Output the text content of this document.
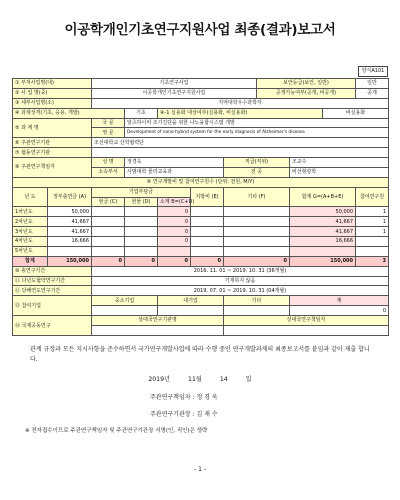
이공학개인기초연구지원사업 최종(결과)보고서
양식A101
① 부처사업명(대)		기초연구사업					보안등급(보안, 일반)			일반
② 사 업 명(중)		이공학개인기초연구지원사업					공개가능여부(공개, 비공개)			공개
③ 세부사업명(소)		지역대학우수과학자								
④ 과제성격(기초, 응용, 개발)			기초	④-1 실용화 대상여부(실용화, 비실용화)					비실용화	
⑤ 과 제 명		국 문	알츠하이머 조기진단을 위한 나노융합시스템 개발							
		영 문	Development of nano-hybrid system for the early diagnosis of Alzheimer's disease							
⑥ 주관연구기관		조선대학교 산학협력단								
⑦ 협동연구기관										
⑧ 주관연구책임자		성 명	정경욱			직급(직위)		조교수		
		소속부서	사범대학 물리교육과			전 공		비선형광학		
⑨ 연구개발비 및 참여연구원수 (단위: 천원, M/Y)										
년 도	정부출연금 (A)	기업부담금			지방비 (E)	기타 (F)		합계 G=(A+B+E)		참여연구원
		현금 (C)	현물 (D)	소계 B=(C+D)						
1차년도	50,000			0				50,000		1
2차년도	41,667			0				41,667		1
3차년도	41,667			0				41,667		1
4차년도	16,666			0				16,666		
5차년도										
합계	150,000	0	0	0	0	0		150,000		3
⑩ 총연구기간		2016. 11. 01 ~ 2019. 10. 31 (36개월)								
⑪ 다년도협약연구기간		기재하지 않음								
⑫ 당해연도연구기간		2019. 07. 01 ~ 2019. 10. 31 (04개월)								
⑬ 참여기업		중소기업		대기업		기타		계		
								0		
⑭ 국제공동연구		상대국연구기관명				상대국연구책임자				

관계 규정과 모든 지시사항을 준수하면서 국가연구개발사업에 따라 수행 중인 연구개발과제의 최종보고서를 붙임과 같이 제출 합니다.
2019년	11월	14 일
주관연구책임자 : 정 경 욱
주관연구기관장 : 김 재 수
※ 전자접수이므로 주관연구책임자 및 주관연구기관장 서명(인, 직인)은 생략
- 1 -
